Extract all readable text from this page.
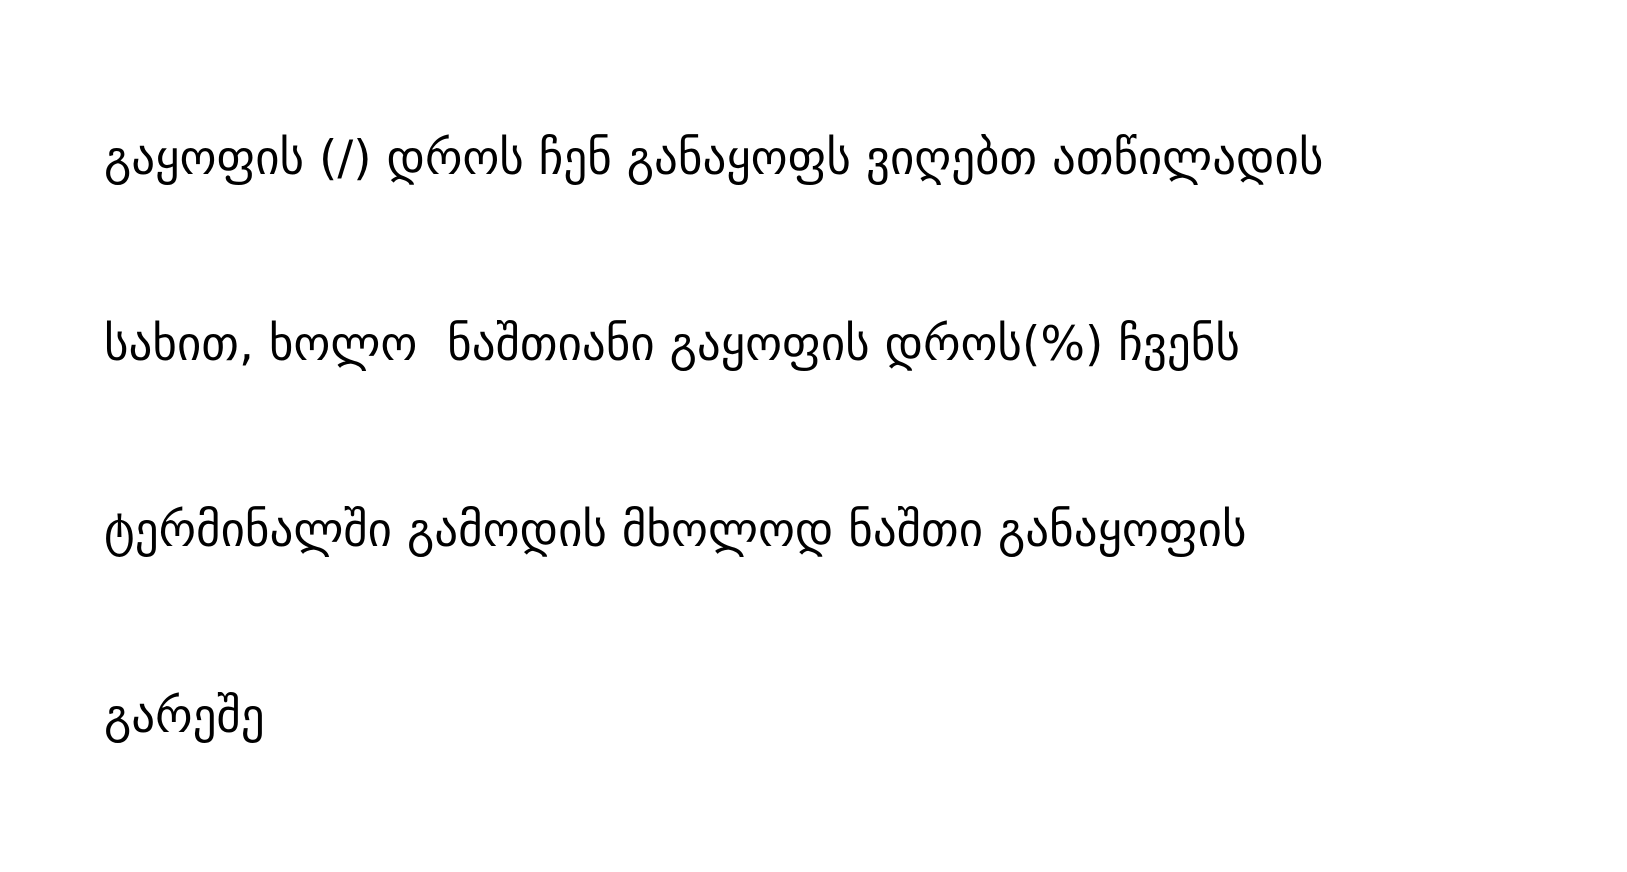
გაყოფის (/) დროს ჩენ განაყოფს ვიღებთ ათწილადის

სახით, ხოლო  ნაშთიანი გაყოფის დროს(%) ჩვენს

ტერმინალში გამოდის მხოლოდ ნაშთი განაყოფის

გარეშე
